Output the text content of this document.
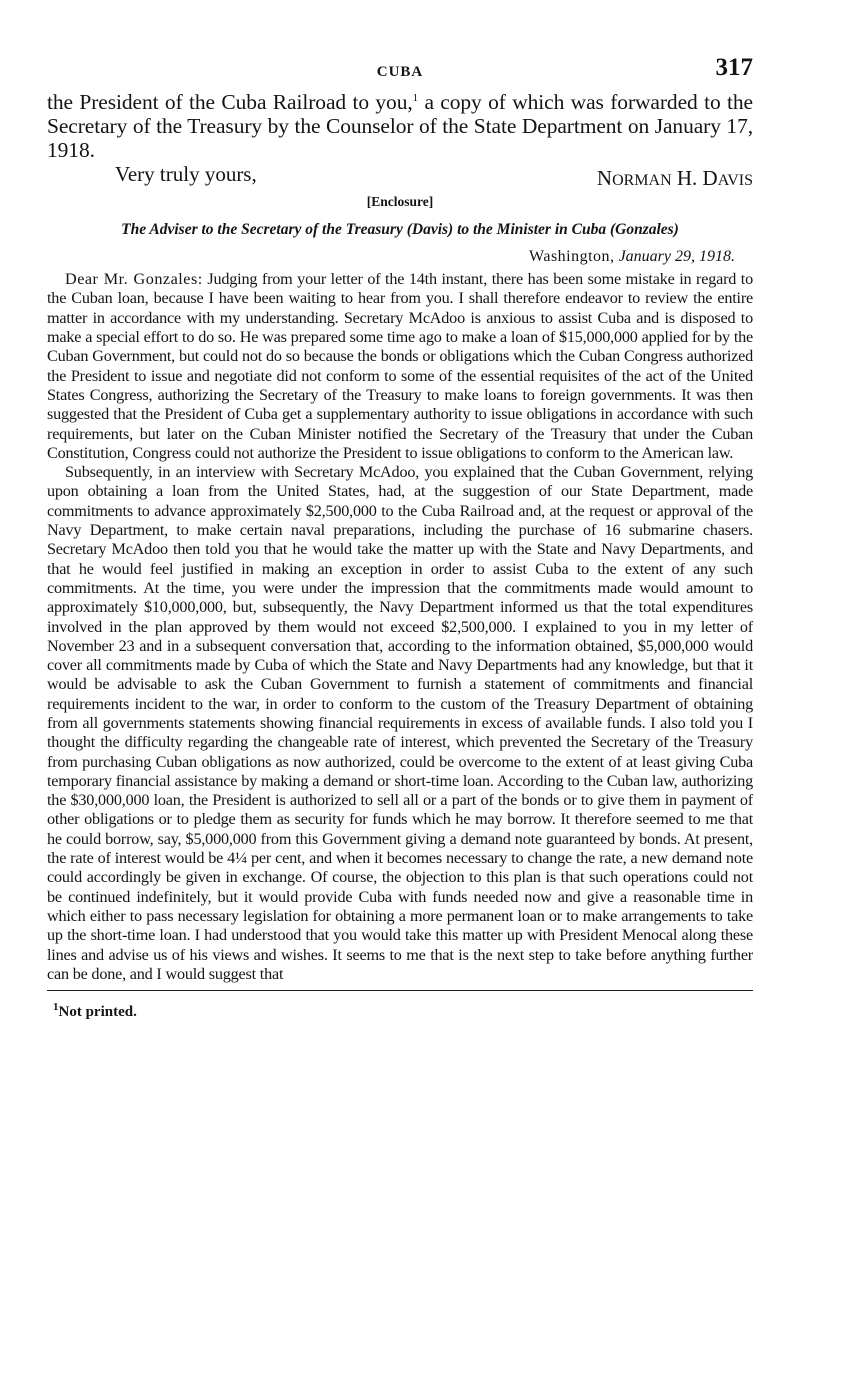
CUBA	317

the President of the Cuba Railroad to you,$^1$ a copy of which was forwarded to the Secretary of the Treasury by the Counselor of the State Department on January 17, 1918.

Very truly yours,	NORMAN H. DAVIS
[Enclosure]
The Adviser to the Secretary of the Treasury (Davis) to the Minister in Cuba (Gonzales)
Washington, January 29, 1918.

Dear Mr. Gonzales: Judging from your letter of the 14th instant, there has been some mistake in regard to the Cuban loan, because I have been waiting to hear from you. I shall therefore endeavor to review the entire matter in accordance with my understanding. Secretary McAdoo is anxious to assist Cuba and is disposed to make a special effort to do so. He was prepared some time ago to make a loan of $15,000,000 applied for by the Cuban Government, but could not do so because the bonds or obligations which the Cuban Congress authorized the President to issue and negotiate did not conform to some of the essential requisites of the act of the United States Congress, authorizing the Secretary of the Treasury to make loans to foreign governments. It was then suggested that the President of Cuba get a supplementary authority to issue obligations in accordance with such requirements, but later on the Cuban Minister notified the Secretary of the Treasury that under the Cuban Constitution, Congress could not authorize the President to issue obligations to conform to the American law.

Subsequently, in an interview with Secretary McAdoo, you explained that the Cuban Government, relying upon obtaining a loan from the United States, had, at the suggestion of our State Department, made commitments to advance approximately $2,500,000 to the Cuba Railroad and, at the request or approval of the Navy Department, to make certain naval preparations, including the purchase of 16 submarine chasers. Secretary McAdoo then told you that he would take the matter up with the State and Navy Departments, and that he would feel justified in making an exception in order to assist Cuba to the extent of any such commitments. At the time, you were under the impression that the commitments made would amount to approximately $10,000,000, but, subsequently, the Navy Department informed us that the total expenditures involved in the plan approved by them would not exceed $2,500,000. I explained to you in my letter of November 23 and in a subsequent conversation that, according to the information obtained, $5,000,000 would cover all commitments made by Cuba of which the State and Navy Departments had any knowledge, but that it would be advisable to ask the Cuban Government to furnish a statement of commitments and financial requirements incident to the war, in order to conform to the custom of the Treasury Department of obtaining from all governments statements showing financial requirements in excess of available funds. I also told you I thought the difficulty regarding the changeable rate of interest, which prevented the Secretary of the Treasury from purchasing Cuban obligations as now authorized, could be overcome to the extent of at least giving Cuba temporary financial assistance by making a demand or short-time loan. According to the Cuban law, authorizing the $30,000,000 loan, the President is authorized to sell all or a part of the bonds or to give them in payment of other obligations or to pledge them as security for funds which he may borrow. It therefore seemed to me that he could borrow, say, $5,000,000 from this Government giving a demand note guaranteed by bonds. At present, the rate of interest would be 4¼ per cent, and when it becomes necessary to change the rate, a new demand note could accordingly be given in exchange. Of course, the objection to this plan is that such operations could not be continued indefinitely, but it would provide Cuba with funds needed now and give a reasonable time in which either to pass necessary legislation for obtaining a more permanent loan or to make arrangements to take up the short-time loan. I had understood that you would take this matter up with President Menocal along these lines and advise us of his views and wishes. It seems to me that is the next step to take before anything further can be done, and I would suggest that

$^1$Not printed.
